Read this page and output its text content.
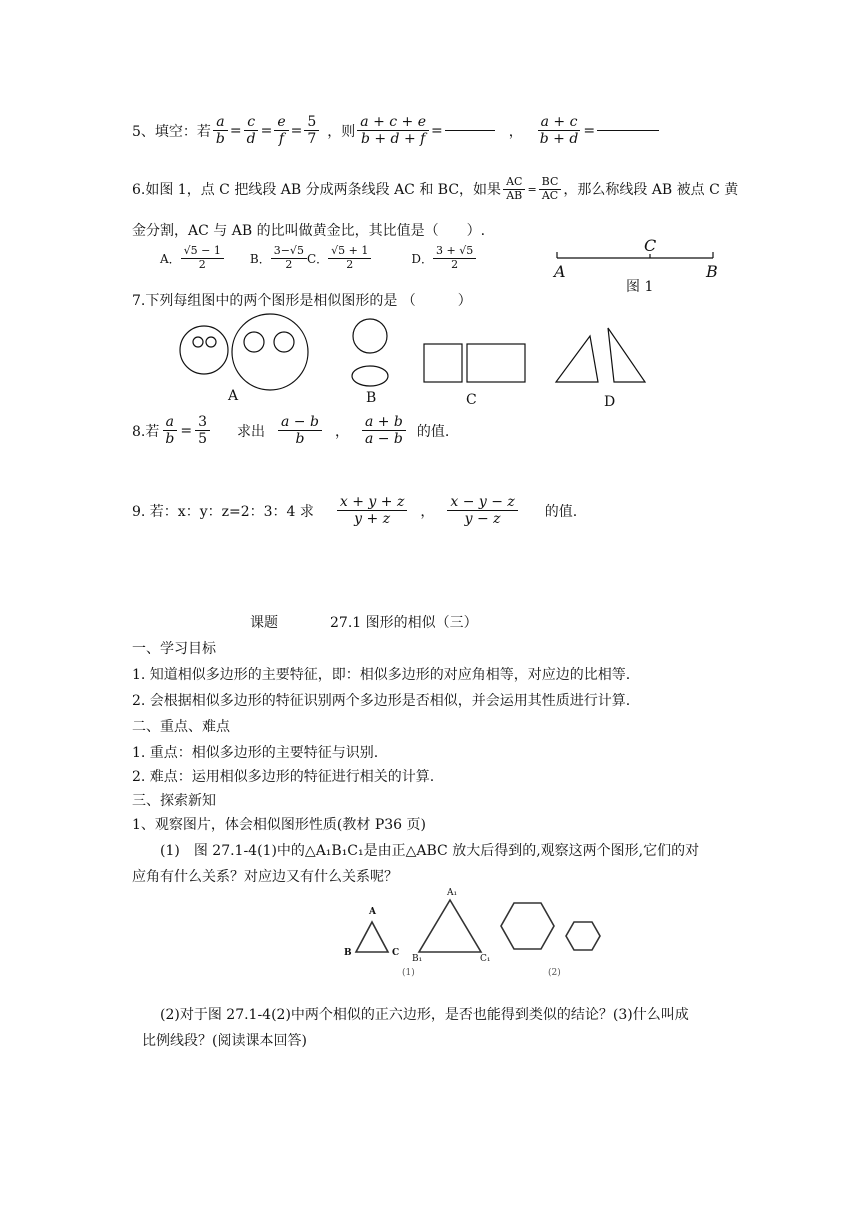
5、填空：若 $\frac{a}{b} = \frac{c}{d} = \frac{e}{f} = \frac{5}{7}$ ，则 $\frac{a + c + e}{b + d + f}$ =	， $\frac{a + c}{b + d}$ =
6.如图 1，点 C 把线段 AB 分成两条线段 AC 和 BC，如果 $\frac{AC}{AB} = \frac{BC}{AC}$ ，那么称线段 AB 被点 C 黄
金分割，AC 与 AB 的比叫做黄金比，其比值是（　　）.
A． $\frac{√5 - 1}{2}$ B． $\frac{3-√5}{2}$ C． $\frac{√5 + 1}{2}$	D． $\frac{3 + √5}{2}$	C
A	B
图 1
7.下列每组图中的两个图形是相似图形的是 （　　　）
A	B	C	D
8.若 $\frac{a}{b} = \frac{3}{5}$ 求出 $\frac{a - b}{b}$ ， $\frac{a + b}{a - b}$ 的值.
9. 若：x：y：z=2：3：4 求 $\frac{x + y + z}{y + z}$ ， $\frac{x - y - z}{y - z}$ 的值.
课题	27.1 图形的相似（三）
一、学习目标
1. 知道相似多边形的主要特征，即：相似多边形的对应角相等，对应边的比相等.
2. 会根据相似多边形的特征识别两个多边形是否相似，并会运用其性质进行计算.
二、重点、难点
1. 重点：相似多边形的主要特征与识别.
2. 难点：运用相似多边形的特征进行相关的计算.
三、探索新知
1、观察图片，体会相似图形性质(教材 P36 页)
(1)　图 27.1-4(1)中的△A₁B₁C₁是由正△ABC 放大后得到的,观察这两个图形,它们的对
应角有什么关系？对应边又有什么关系呢？
A
B	C
A₁
B₁	C₁
(1)	(2)
(2)对于图 27.1-4(2)中两个相似的正六边形，是否也能得到类似的结论？(3)什么叫成
比例线段？(阅读课本回答)
